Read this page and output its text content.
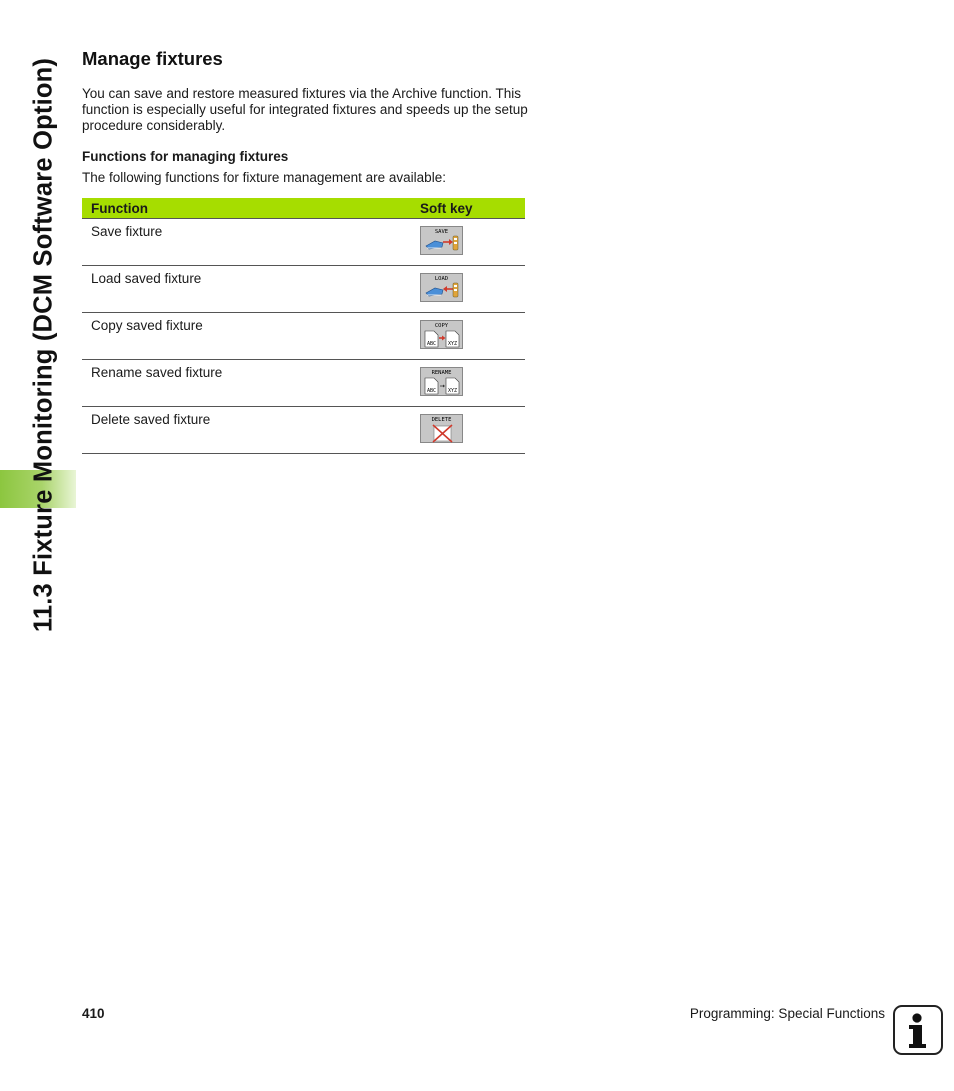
11.3 Fixture Monitoring (DCM Software Option) Manage fixtures

You can save and restore measured fixtures via the Archive function. This function is especially useful for integrated fixtures and speeds up the setup procedure considerably.

Functions for managing fixtures

The following functions for fixture management are available:

Function	Soft key
Save fixture	SAVE

Load saved fixture	LOAD

Copy saved fixture	ABC XYZ
COPY

Rename saved fixture	ABC XYZ
RENAME

Delete saved fixture	DELETE

410	Programming: Special Functions
